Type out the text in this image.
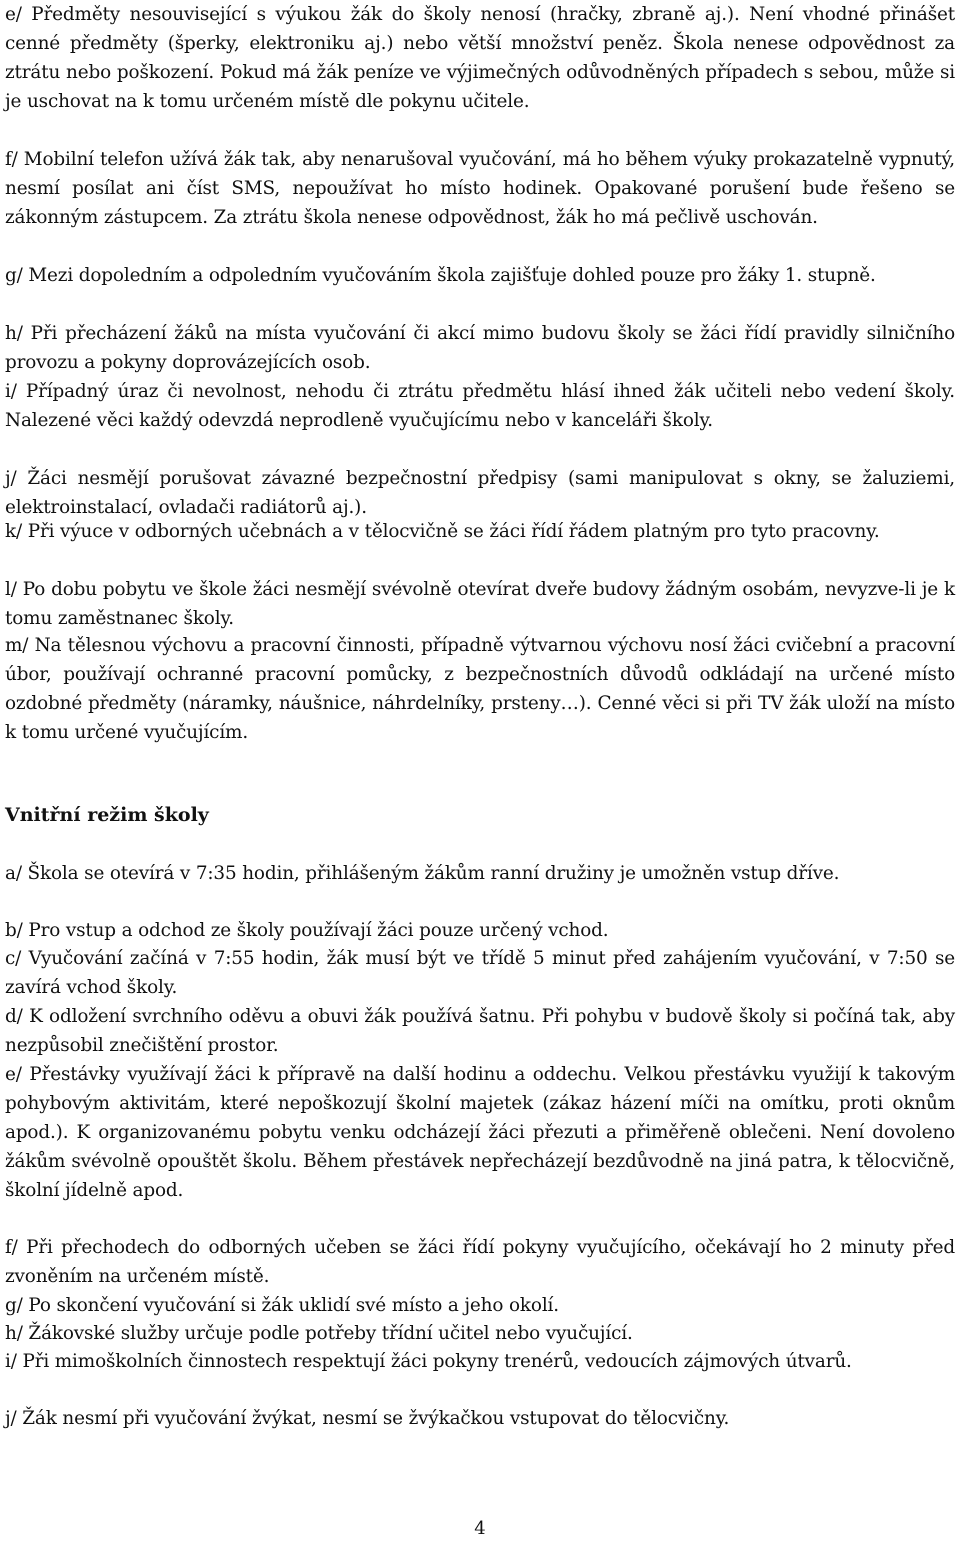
e/ Předměty nesouvisející s výukou žák do školy nenosí (hračky, zbraně aj.). Není vhodné přinášet cenné předměty (šperky, elektroniku aj.) nebo větší množství peněz. Škola nenese odpovědnost za ztrátu nebo poškození. Pokud má žák peníze ve výjimečných odůvodněných případech s sebou, může si je uschovat na k tomu určeném místě dle pokynu učitele.

f/ Mobilní telefon užívá žák tak, aby nenarušoval vyučování, má ho během výuky prokazatelně vypnutý, nesmí posílat ani číst SMS, nepoužívat ho místo hodinek. Opakované porušení bude řešeno se zákonným zástupcem. Za ztrátu škola nenese odpovědnost, žák ho má pečlivě uschován.

g/ Mezi dopoledním a odpoledním vyučováním škola zajišťuje dohled pouze pro žáky 1. stupně.

h/ Při přecházení žáků na místa vyučování či akcí mimo budovu školy se žáci řídí pravidly silničního provozu a pokyny doprovázejících osob.

i/ Případný úraz či nevolnost, nehodu či ztrátu předmětu hlásí ihned žák učiteli nebo vedení školy. Nalezené věci každý odevzdá neprodleně vyučujícímu nebo v kanceláři školy.

j/ Žáci nesmějí porušovat závazné bezpečnostní předpisy (sami manipulovat s okny, se žaluziemi, elektroinstalací, ovladači radiátorů aj.).

k/ Při výuce v odborných učebnách a v tělocvičně se žáci řídí řádem platným pro tyto pracovny.

l/ Po dobu pobytu ve škole žáci nesmějí svévolně otevírat dveře budovy žádným osobám, nevyzve-li je k tomu zaměstnanec školy.

m/ Na tělesnou výchovu a pracovní činnosti, případně výtvarnou výchovu nosí žáci cvičební a pracovní úbor, používají ochranné pracovní pomůcky, z bezpečnostních důvodů odkládají na určené místo ozdobné předměty (náramky, náušnice, náhrdelníky, prsteny…). Cenné věci si při TV žák uloží na místo k tomu určené vyučujícím.

Vnitřní režim školy

a/ Škola se otevírá v 7:35 hodin, přihlášeným žákům ranní družiny je umožněn vstup dříve.

b/ Pro vstup a odchod ze školy používají žáci pouze určený vchod.

c/ Vyučování začíná v 7:55 hodin, žák musí být ve třídě 5 minut před zahájením vyučování, v 7:50 se zavírá vchod školy.

d/ K odložení svrchního oděvu a obuvi žák používá šatnu. Při pohybu v budově školy si počíná tak, aby nezpůsobil znečištění prostor.

e/ Přestávky využívají žáci k přípravě na další hodinu a oddechu. Velkou přestávku využijí k takovým pohybovým aktivitám, které nepoškozují školní majetek (zákaz házení míči na omítku, proti oknům apod.). K organizovanému pobytu venku odcházejí žáci přezuti a přiměřeně oblečeni. Není dovoleno žákům svévolně opouštět školu. Během přestávek nepřecházejí bezdůvodně na jiná patra, k tělocvičně, školní jídelně apod.

f/ Při přechodech do odborných učeben se žáci řídí pokyny vyučujícího, očekávají ho 2 minuty před zvoněním na určeném místě.

g/ Po skončení vyučování si žák uklidí své místo a jeho okolí.

h/ Žákovské služby určuje podle potřeby třídní učitel nebo vyučující.

i/ Při mimoškolních činnostech respektují žáci pokyny trenérů, vedoucích zájmových útvarů.

j/ Žák nesmí při vyučování žvýkat, nesmí se žvýkačkou vstupovat do tělocvičny.

4
